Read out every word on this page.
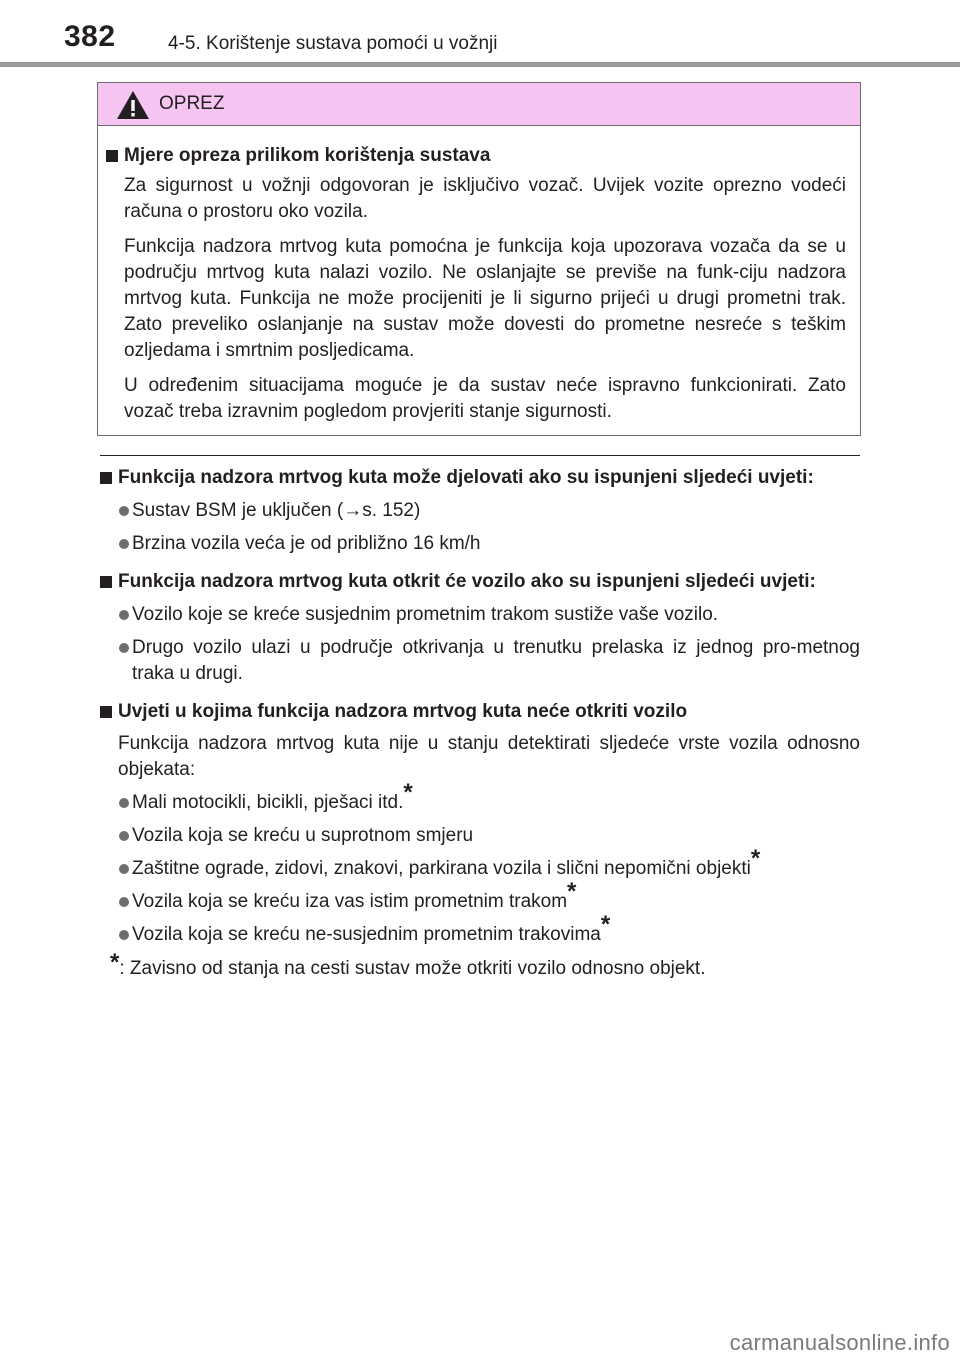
382	4-5. Korištenje sustava pomoći u vožnji
OPREZ
Mjere opreza prilikom korištenja sustava
Za sigurnost u vožnji odgovoran je isključivo vozač. Uvijek vozite oprezno vodeći računa o prostoru oko vozila.
Funkcija nadzora mrtvog kuta pomoćna je funkcija koja upozorava vozača da se u području mrtvog kuta nalazi vozilo. Ne oslanjajte se previše na funk-ciju nadzora mrtvog kuta. Funkcija ne može procijeniti je li sigurno prijeći u drugi prometni trak. Zato preveliko oslanjanje na sustav može dovesti do prometne nesreće s teškim ozljedama i smrtnim posljedicama.
U određenim situacijama moguće je da sustav neće ispravno funkcionirati. Zato vozač treba izravnim pogledom provjeriti stanje sigurnosti.
Funkcija nadzora mrtvog kuta može djelovati ako su ispunjeni sljedeći uvjeti:
Sustav BSM je uključen (→s. 152)
Brzina vozila veća je od približno 16 km/h
Funkcija nadzora mrtvog kuta otkrit će vozilo ako su ispunjeni sljedeći uvjeti:
Vozilo koje se kreće susjednim prometnim trakom sustiže vaše vozilo.
Drugo vozilo ulazi u područje otkrivanja u trenutku prelaska iz jednog pro-metnog traka u drugi.
Uvjeti u kojima funkcija nadzora mrtvog kuta neće otkriti vozilo
Funkcija nadzora mrtvog kuta nije u stanju detektirati sljedeće vrste vozila odnosno objekata:
Mali motocikli, bicikli, pješaci itd.*
Vozila koja se kreću u suprotnom smjeru
Zaštitne ograde, zidovi, znakovi, parkirana vozila i slični nepomični objekti*
Vozila koja se kreću iza vas istim prometnim trakom*
Vozila koja se kreću ne-susjednim prometnim trakovima*
*: Zavisno od stanja na cesti sustav može otkriti vozilo odnosno objekt.
carmanualsonline.info
